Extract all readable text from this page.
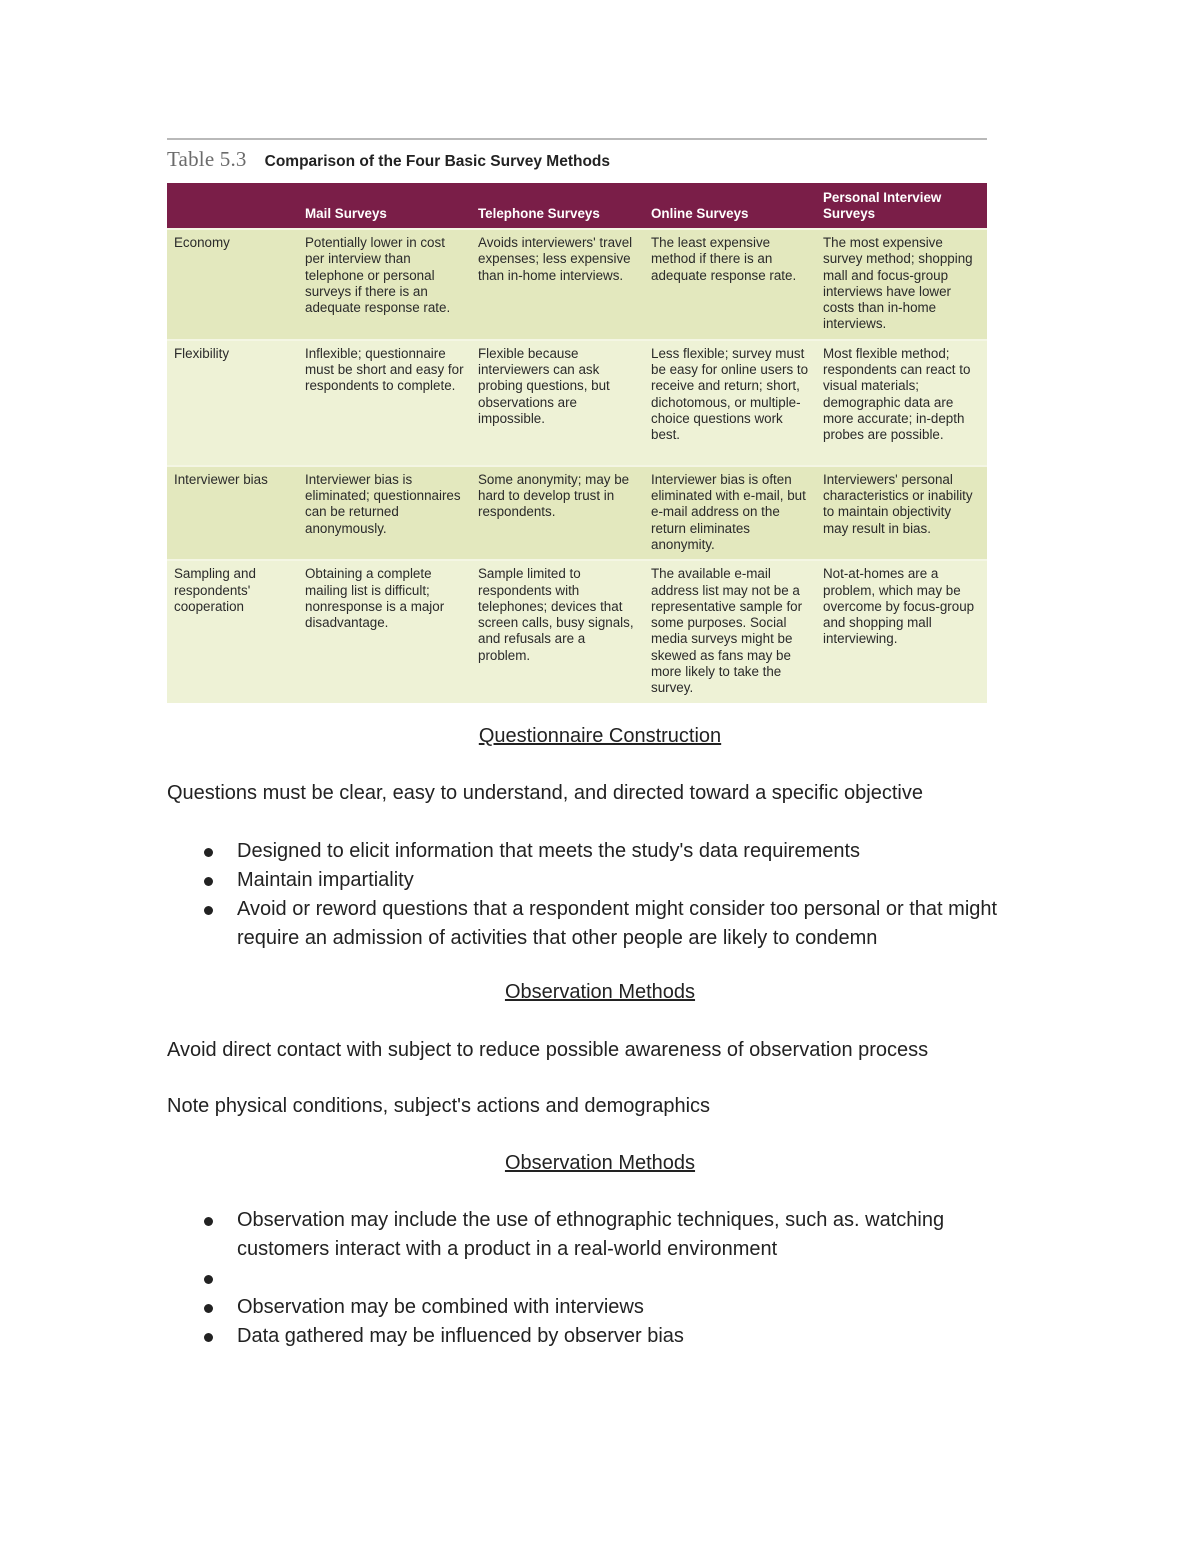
Table 5.3 Comparison of the Four Basic Survey Methods
	Mail Surveys	Telephone Surveys	Online Surveys	Personal Interview Surveys
Economy	Potentially lower in cost per interview than telephone or personal surveys if there is an adequate response rate.	Avoids interviewers' travel expenses; less expensive than in-home interviews.	The least expensive method if there is an adequate response rate.	The most expensive survey method; shopping mall and focus-group interviews have lower costs than in-home interviews.
Flexibility	Inflexible; questionnaire must be short and easy for respondents to complete.	Flexible because interviewers can ask probing questions, but observations are impossible.	Less flexible; survey must be easy for online users to receive and return; short, dichotomous, or multiple-choice questions work best.	Most flexible method; respondents can react to visual materials; demographic data are more accurate; in-depth probes are possible.
Interviewer bias	Interviewer bias is eliminated; questionnaires can be returned anonymously.	Some anonymity; may be hard to develop trust in respondents.	Interviewer bias is often eliminated with e-mail, but e-mail address on the return eliminates anonymity.	Interviewers' personal characteristics or inability to maintain objectivity may result in bias.
Sampling and respondents' cooperation	Obtaining a complete mailing list is difficult; nonresponse is a major disadvantage.	Sample limited to respondents with telephones; devices that screen calls, busy signals, and refusals are a problem.	The available e-mail address list may not be a representative sample for some purposes. Social media surveys might be skewed as fans may be more likely to take the survey.	Not-at-homes are a problem, which may be overcome by focus-group and shopping mall interviewing.
Questionnaire Construction
Questions must be clear, easy to understand, and directed toward a specific objective
Designed to elicit information that meets the study's data requirements
Maintain impartiality
Avoid or reword questions that a respondent might consider too personal or that might require an admission of activities that other people are likely to condemn
Observation Methods
Avoid direct contact with subject to reduce possible awareness of observation process
Note physical conditions, subject's actions and demographics
Observation Methods
Observation may include the use of ethnographic techniques, such as. watching customers interact with a product in a real-world environment
Observation may be combined with interviews
Data gathered may be influenced by observer bias
